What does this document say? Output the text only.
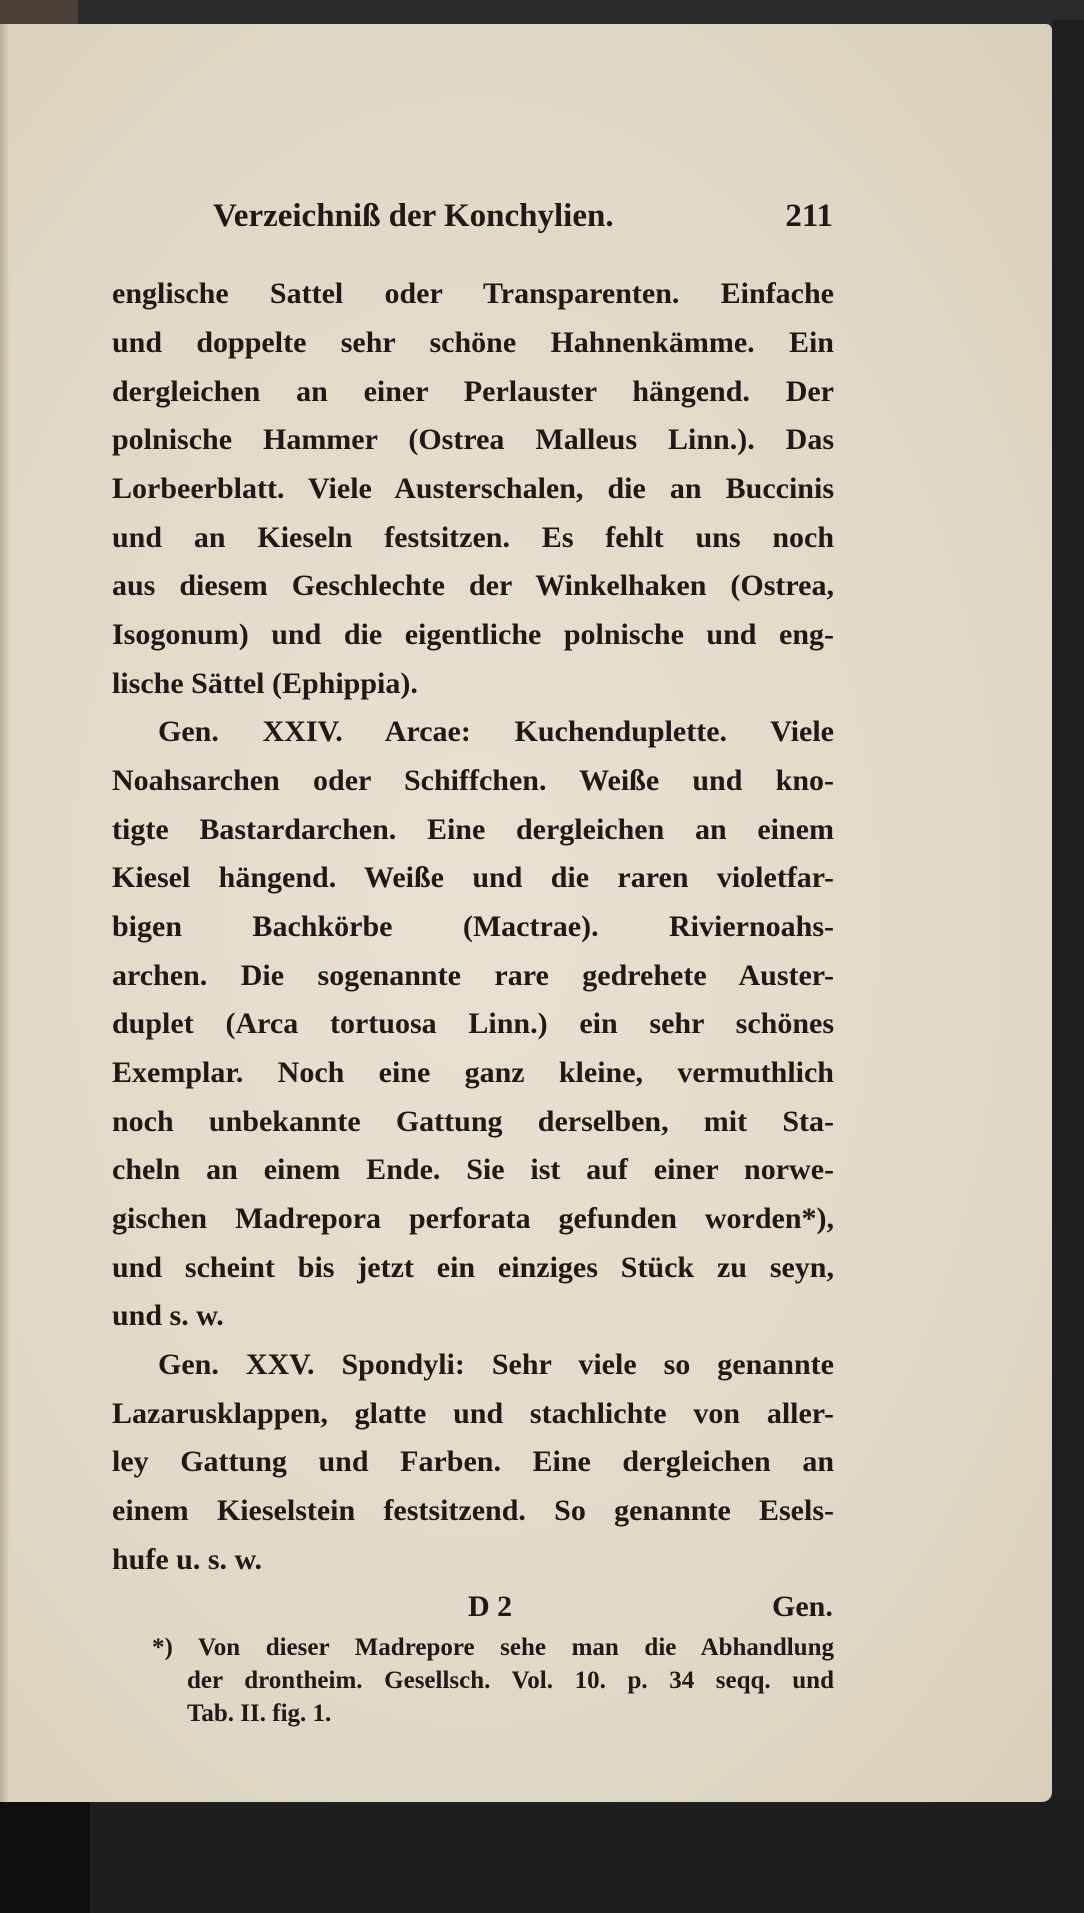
Verzeichniß der Konchylien.	211
englische Sattel oder Transparenten. Einfache
und doppelte sehr schöne Hahnenkämme. Ein
dergleichen an einer Perlauster hängend. Der
polnische Hammer (Ostrea Malleus Linn.). Das
Lorbeerblatt. Viele Austerschalen, die an Buccinis
und an Kieseln festsitzen. Es fehlt uns noch
aus diesem Geschlechte der Winkelhaken (Ostrea,
Isogonum) und die eigentliche polnische und eng-
lische Sättel (Ephippia).
Gen. XXIV. Arcae: Kuchenduplette. Viele
Noahsarchen oder Schiffchen. Weiße und kno-
tigte Bastardarchen. Eine dergleichen an einem
Kiesel hängend. Weiße und die raren violetfar-
bigen Bachkörbe (Mactrae). Riviernoahs-
archen. Die sogenannte rare gedrehete Auster-
duplet (Arca tortuosa Linn.) ein sehr schönes
Exemplar. Noch eine ganz kleine, vermuthlich
noch unbekannte Gattung derselben, mit Sta-
cheln an einem Ende. Sie ist auf einer norwe-
gischen Madrepora perforata gefunden worden*),
und scheint bis jetzt ein einziges Stück zu seyn,
und s. w.
Gen. XXV. Spondyli: Sehr viele so genannte
Lazarusklappen, glatte und stachlichte von aller-
ley Gattung und Farben. Eine dergleichen an
einem Kieselstein festsitzend. So genannte Esels-
hufe u. s. w.
D 2	Gen.
*) Von dieser Madrepore sehe man die Abhandlung
der drontheim. Gesellsch. Vol. 10. p. 34 seqq. und
Tab. II. fig. 1.
